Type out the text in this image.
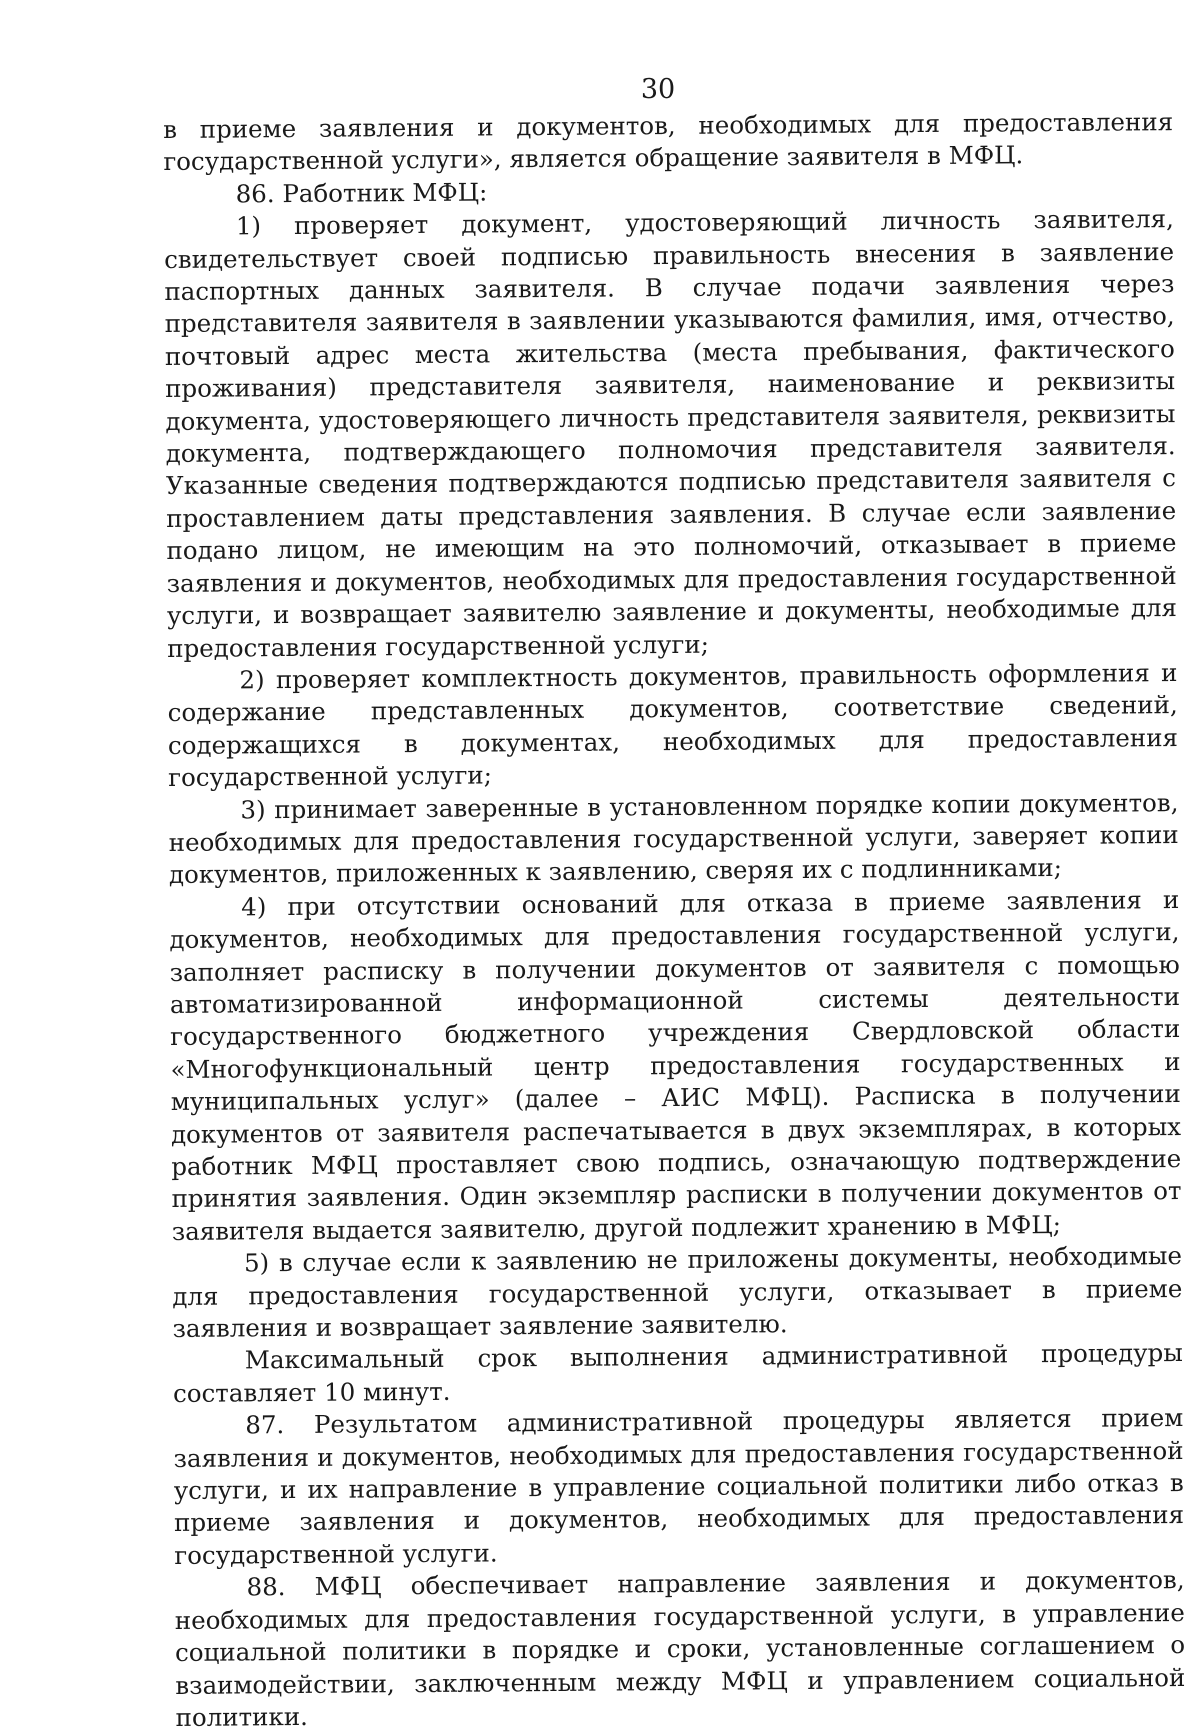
30

в приеме заявления и документов, необходимых для предоставления государственной услуги», является обращение заявителя в МФЦ.

86. Работник МФЦ:

1) проверяет документ, удостоверяющий личность заявителя, свидетельствует своей подписью правильность внесения в заявление паспортных данных заявителя. В случае подачи заявления через представителя заявителя в заявлении указываются фамилия, имя, отчество, почтовый адрес места жительства (места пребывания, фактического проживания) представителя заявителя, наименование и реквизиты документа, удостоверяющего личность представителя заявителя, реквизиты документа, подтверждающего полномочия представителя заявителя. Указанные сведения подтверждаются подписью представителя заявителя с проставлением даты представления заявления. В случае если заявление подано лицом, не имеющим на это полномочий, отказывает в приеме заявления и документов, необходимых для предоставления государственной услуги, и возвращает заявителю заявление и документы, необходимые для предоставления государственной услуги;

2) проверяет комплектность документов, правильность оформления и содержание представленных документов, соответствие сведений, содержащихся в документах, необходимых для предоставления государственной услуги;

3) принимает заверенные в установленном порядке копии документов, необходимых для предоставления государственной услуги, заверяет копии документов, приложенных к заявлению, сверяя их с подлинниками;

4) при отсутствии оснований для отказа в приеме заявления и документов, необходимых для предоставления государственной услуги, заполняет расписку в получении документов от заявителя с помощью автоматизированной информационной системы деятельности государственного бюджетного учреждения Свердловской области «Многофункциональный центр предоставления государственных и муниципальных услуг» (далее – АИС МФЦ). Расписка в получении документов от заявителя распечатывается в двух экземплярах, в которых работник МФЦ проставляет свою подпись, означающую подтверждение принятия заявления. Один экземпляр расписки в получении документов от заявителя выдается заявителю, другой подлежит хранению в МФЦ;

5) в случае если к заявлению не приложены документы, необходимые для предоставления государственной услуги, отказывает в приеме заявления и возвращает заявление заявителю.

Максимальный срок выполнения административной процедуры составляет 10 минут.

87. Результатом административной процедуры является прием заявления и документов, необходимых для предоставления государственной услуги, и их направление в управление социальной политики либо отказ в приеме заявления и документов, необходимых для предоставления государственной услуги.

88. МФЦ обеспечивает направление заявления и документов, необходимых для предоставления государственной услуги, в управление социальной политики в порядке и сроки, установленные соглашением о взаимодействии, заключенным между МФЦ и управлением социальной политики.
